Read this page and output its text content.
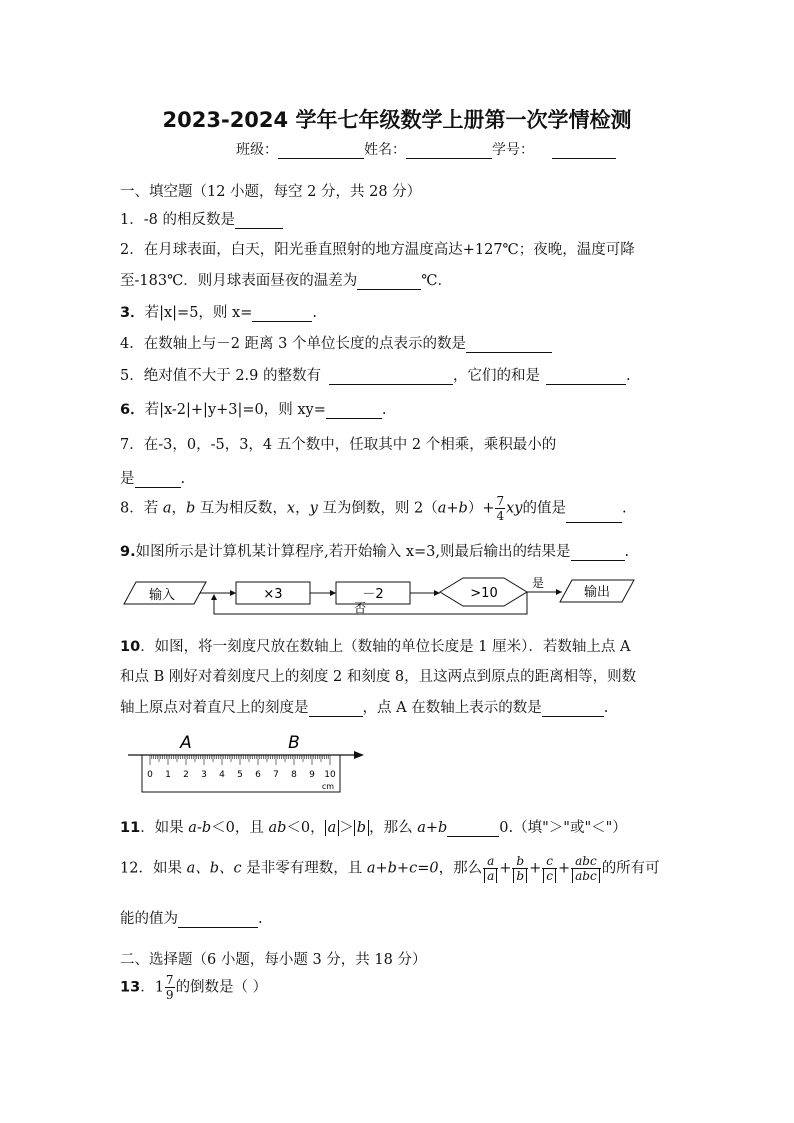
2023-2024 学年七年级数学上册第一次学情检测
班级：	姓名：	学号：
一、填空题（12 小题，每空 2 分，共 28 分）
1．-8 的相反数是
2．在月球表面，白天，阳光垂直照射的地方温度高达+127℃；夜晚，温度可降
至-183℃．则月球表面昼夜的温差为	℃．
3．若|x|=5，则 x=	.
4．在数轴上与－2 距离 3 个单位长度的点表示的数是
5．绝对值不大于 2.9 的整数有	，它们的和是	.
6．若|x-2|+|y+3|=0，则 xy=	.
7．在-3，0，-5，3，4 五个数中，任取其中 2 个相乘，乘积最小的
是	.
8．若 a，b 互为相反数，x，y 互为倒数，则 $2(a+b)+ \frac{7}{4}$ xy的值是	.
9.如图所示是计算机某计算程序,若开始输入 x=3,则最后输出的结果是	.
输入	×3	－2	>10
是
输出
否
10．如图，将一刻度尺放在数轴上（数轴的单位长度是 1 厘米）．若数轴上点 A
和点 B 刚好对着刻度尺上的刻度 2 和刻度 8，且这两点到原点的距离相等，则数
轴上原点对着直尺上的刻度是	，点 A 在数轴上表示的数是	.
0 1 2 3 4 5 6 7 8 9 10
A	B
cm
11．如果 a-b＜0，且 ab＜0， a ＞ b ，那么 a+b	0.（填"＞"或"＜"）
12．如果 a、b、c 是非零有理数，且 a+b+c=0，那么 $\frac{a}{a} + \frac{b}{b} + \frac{c}{c} + \frac{\text{abc}}{\text{abc}}$ 的所有可
能的值为	.
二、选择题（6 小题，每小题 3 分，共 18 分）
13．$1 \frac{7}{9}$ 的倒数是（ ）
